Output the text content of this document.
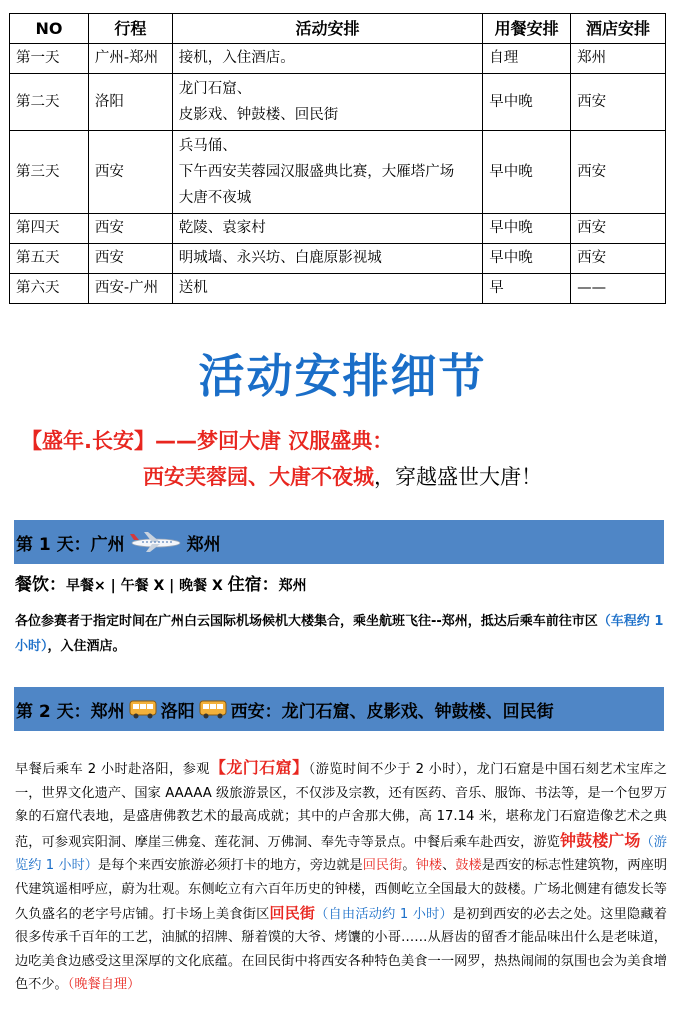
NO	行程	活动安排	用餐安排	酒店安排
第一天	广州-郑州	接机，入住酒店。	自理	郑州
第二天	洛阳	龙门石窟、
皮影戏、钟鼓楼、回民街	早中晚	西安
第三天	西安	兵马俑、
下午西安芙蓉园汉服盛典比赛，大雁塔广场
大唐不夜城	早中晚	西安
第四天	西安	乾陵、袁家村	早中晚	西安
第五天	西安	明城墙、永兴坊、白鹿原影视城	早中晚	西安
第六天	西安-广州	送机	早	——
活动安排细节
【盛年.长安】——梦回大唐 汉服盛典：
西安芙蓉园、大唐不夜城，穿越盛世大唐！
第 1 天：广州	郑州
餐饮：早餐× | 午餐 X | 晚餐 X 住宿：郑州
各位参赛者于指定时间在广州白云国际机场候机大楼集合，乘坐航班飞往--郑州，抵达后乘车前往市区（车程约 1 小时），入住酒店。
第 2 天：郑州 洛阳 西安：龙门石窟、皮影戏、钟鼓楼、回民街
早餐后乘车 2 小时赴洛阳，参观【龙门石窟】（游览时间不少于 2 小时），龙门石窟是中国石刻艺术宝库之一，世界文化遗产、国家 AAAAA 级旅游景区，不仅涉及宗教，还有医药、音乐、服饰、书法等，是一个包罗万象的石窟代表地，是盛唐佛教艺术的最高成就；其中的卢舍那大佛，高 17.14 米，堪称龙门石窟造像艺术之典范，可参观宾阳洞、摩崖三佛龛、莲花洞、万佛洞、奉先寺等景点。中餐后乘车赴西安，游览钟鼓楼广场（游览约 1 小时）是每个来西安旅游必须打卡的地方，旁边就是回民街。钟楼、鼓楼是西安的标志性建筑物，两座明代建筑遥相呼应，蔚为壮观。东侧屹立有六百年历史的钟楼，西侧屹立全国最大的鼓楼。广场北侧建有德发长等久负盛名的老字号店铺。打卡场上美食街区回民街（自由活动约 1 小时）是初到西安的必去之处。这里隐藏着很多传承千百年的工艺，油腻的招牌、掰着馍的大爷、烤馕的小哥……从唇齿的留香才能品味出什么是老味道，边吃美食边感受这里深厚的文化底蕴。在回民街中将西安各种特色美食一一网罗，热热闹闹的氛围也会为美食增色不少。（晚餐自理）
